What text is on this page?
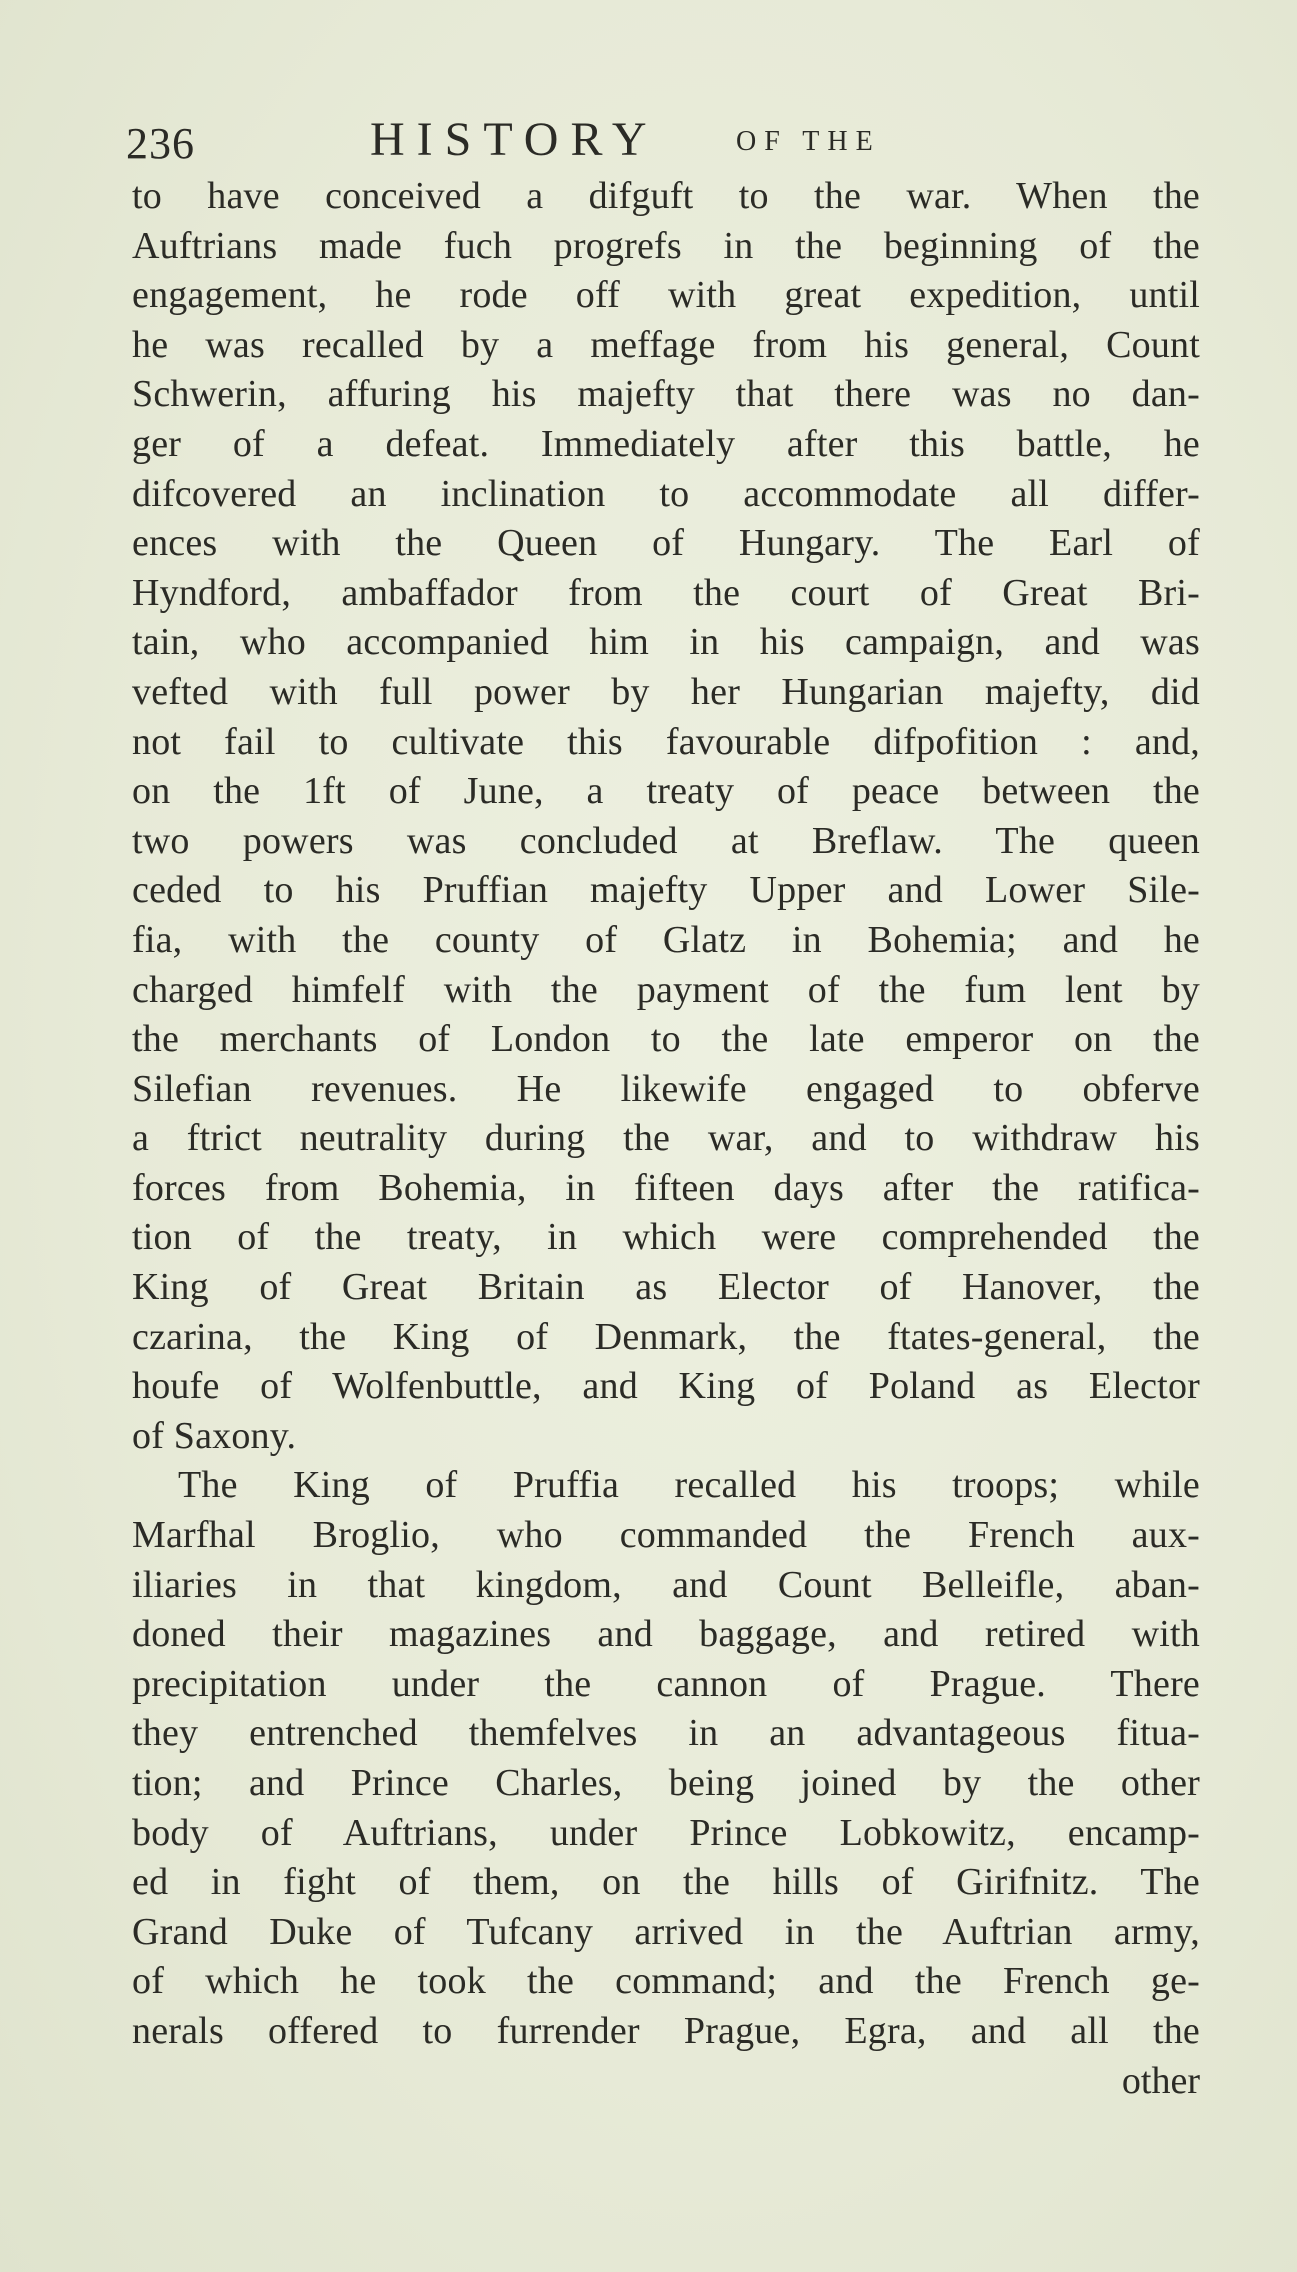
236	HISTORY	OF THE
to have conceived a difguft to the war. When the
Auftrians made fuch progrefs in the beginning of the
engagement, he rode off with great expedition, until
he was recalled by a meffage from his general, Count
Schwerin, affuring his majefty that there was no dan-
ger of a defeat. Immediately after this battle, he
difcovered an inclination to accommodate all differ-
ences with the Queen of Hungary. The Earl of
Hyndford, ambaffador from the court of Great Bri-
tain, who accompanied him in his campaign, and was
vefted with full power by her Hungarian majefty, did
not fail to cultivate this favourable difpofition : and,
on the 1ft of June, a treaty of peace between the
two powers was concluded at Breflaw. The queen
ceded to his Pruffian majefty Upper and Lower Sile-
fia, with the county of Glatz in Bohemia; and he
charged himfelf with the payment of the fum lent by
the merchants of London to the late emperor on the
Silefian revenues. He likewife engaged to obferve
a ftrict neutrality during the war, and to withdraw his
forces from Bohemia, in fifteen days after the ratifica-
tion of the treaty, in which were comprehended the
King of Great Britain as Elector of Hanover, the
czarina, the King of Denmark, the ftates-general, the
houfe of Wolfenbuttle, and King of Poland as Elector
of Saxony.
The King of Pruffia recalled his troops; while
Marfhal Broglio, who commanded the French aux-
iliaries in that kingdom, and Count Belleifle, aban-
doned their magazines and baggage, and retired with
precipitation under the cannon of Prague. There
they entrenched themfelves in an advantageous fitua-
tion; and Prince Charles, being joined by the other
body of Auftrians, under Prince Lobkowitz, encamp-
ed in fight of them, on the hills of Girifnitz. The
Grand Duke of Tufcany arrived in the Auftrian army,
of which he took the command; and the French ge-
nerals offered to furrender Prague, Egra, and all the
other
